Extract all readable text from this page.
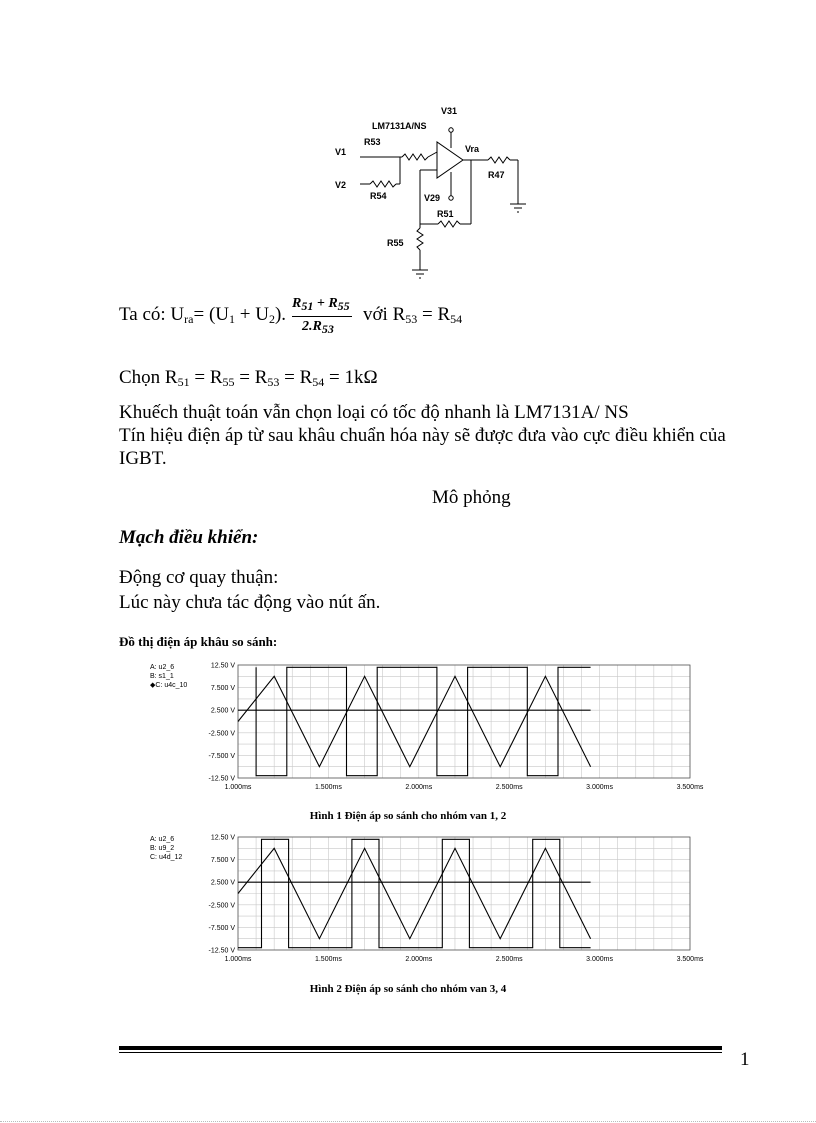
V31
LM7131A/NS
V1
R53
Vra
V2
R47
R54	V29
R51
R55
Ta có: $U_{ra}= (U_1 + U_2)$.
$R_{51} + R_{55}$
$2.R_{53}$
với $R_{53} = R_{54}$
Chọn $R_{51} = R_{55} = R_{53} = R_{54} = 1k\Omega$
Khuếch thuật toán vẫn chọn loại có tốc độ nhanh là LM7131A/ NS
Tín hiệu điện áp từ sau khâu chuẩn hóa này sẽ được đưa vào cực điều khiển của
IGBT.
Mô phỏng
Mạch điều khiển:
Động cơ quay thuận:
Lúc này chưa tác động vào nút ấn.
Đồ thị điện áp khâu so sánh:
12.50 V
7.500 V
2.500 V
-2.500 V
-7.500 V
-12.50 V
1.000ms	1.500ms	2.000ms	2.500ms	3.000ms	3.500ms
A: u2_6
B: s1_1
◆C: u4c_10
Hình 1 Điện áp so sánh cho nhóm van 1, 2
12.50 V
7.500 V
2.500 V
-2.500 V
-7.500 V
-12.50 V
1.000ms	1.500ms	2.000ms	2.500ms	3.000ms	3.500ms
A: u2_6
B: u9_2
C: u4d_12
Hình 2 Điện áp so sánh cho nhóm van 3, 4
1
